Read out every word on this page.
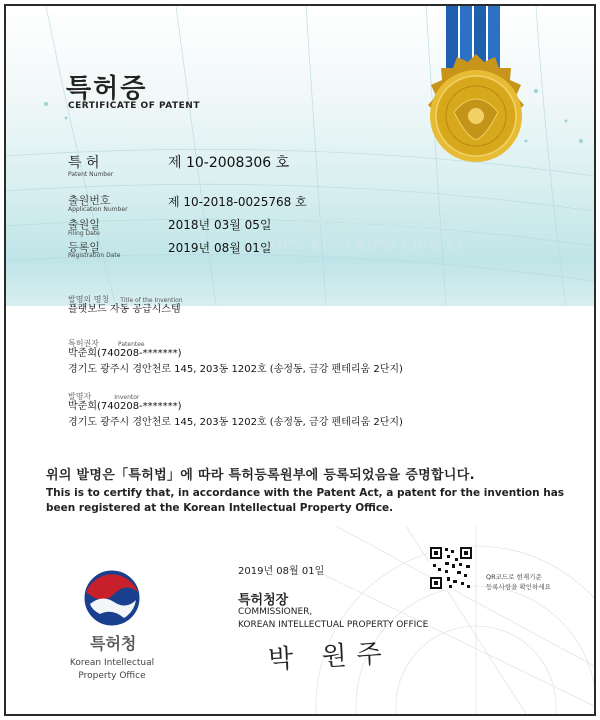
특허증
CERTIFICATE OF PATENT
특 허
Patent Number
제 10-2008306 호
KIPO KIPO KIPO KI
KIPO KIPO KIPO KIPO KI
출원번호
Application Number
제 10-2018-0025768 호
출원일
Filing Date
2018년 03월 05일
등록일
Registration Date
2019년 08월 01일
발명의 명칭 Title of the Invention
플랫보드 자동 공급시스템
특허권자	Patentee
박준희(740208-*******)
경기도 광주시 경안천로 145, 203동 1202호 (송정동, 금강 펜테리움 2단지)
발명자	Inventor
박준희(740208-*******)
경기도 광주시 경안천로 145, 203동 1202호 (송정동, 금강 펜테리움 2단지)
위의 발명은「특허법」에 따라 특허등록원부에 등록되었음을 증명합니다.
This is to certify that, in accordance with the Patent Act, a patent for the invention has been registered at the Korean Intellectual Property Office.
2019년 08월 01일
특허청장
COMMISSIONER,
KOREAN INTELLECTUAL PROPERTY OFFICE
박 원주
QR코드로 현재기준
등록사항을 확인하세요
특허청
Korean Intellectual
Property Office
